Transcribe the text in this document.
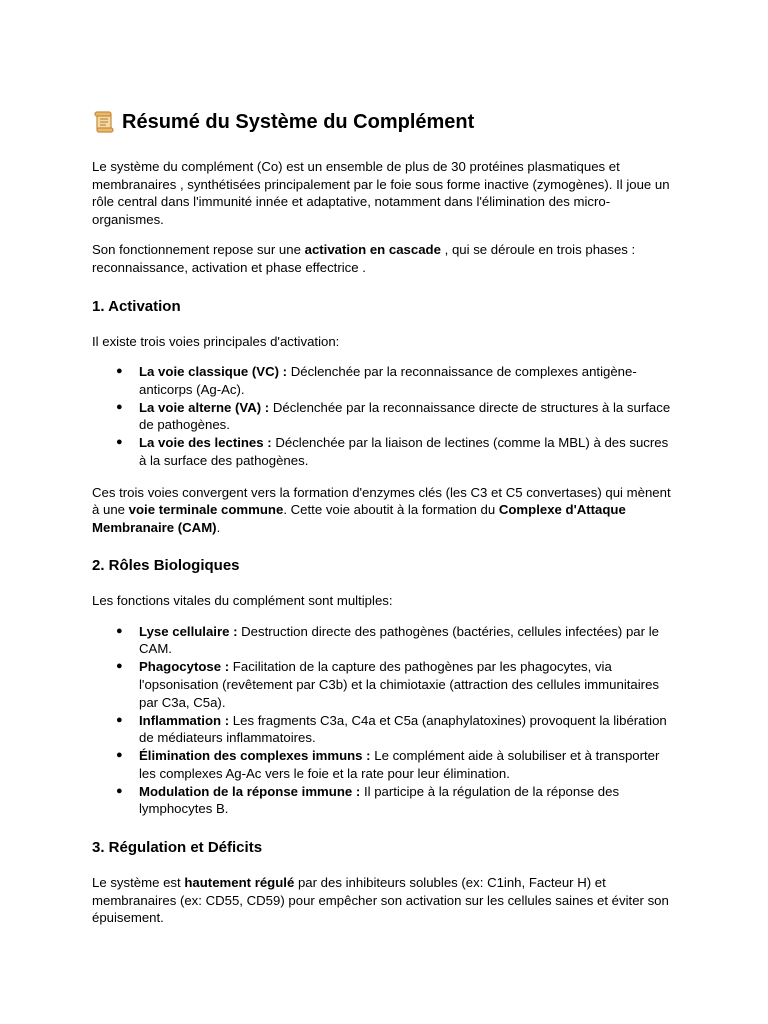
Résumé du Système du Complément

Le système du complément (Co) est un ensemble de plus de 30 protéines plasmatiques et membranaires , synthétisées principalement par le foie sous forme inactive (zymogènes). Il joue un rôle central dans l'immunité innée et adaptative, notamment dans l'élimination des micro-organismes.

Son fonctionnement repose sur une activation en cascade , qui se déroule en trois phases : reconnaissance, activation et phase effectrice .

1. Activation

Il existe trois voies principales d'activation:

● La voie classique (VC) : Déclenchée par la reconnaissance de complexes antigène-anticorps (Ag-Ac).
● La voie alterne (VA) : Déclenchée par la reconnaissance directe de structures à la surface de pathogènes.
● La voie des lectines : Déclenchée par la liaison de lectines (comme la MBL) à des sucres à la surface des pathogènes.

Ces trois voies convergent vers la formation d'enzymes clés (les C3 et C5 convertases) qui mènent à une voie terminale commune. Cette voie aboutit à la formation du Complexe d'Attaque Membranaire (CAM).

2. Rôles Biologiques

Les fonctions vitales du complément sont multiples:

● Lyse cellulaire : Destruction directe des pathogènes (bactéries, cellules infectées) par le CAM.
● Phagocytose : Facilitation de la capture des pathogènes par les phagocytes, via l'opsonisation (revêtement par C3b) et la chimiotaxie (attraction des cellules immunitaires par C3a, C5a).
● Inflammation : Les fragments C3a, C4a et C5a (anaphylatoxines) provoquent la libération de médiateurs inflammatoires.
● Élimination des complexes immuns : Le complément aide à solubiliser et à transporter les complexes Ag-Ac vers le foie et la rate pour leur élimination.
● Modulation de la réponse immune : Il participe à la régulation de la réponse des lymphocytes B.
3. Régulation et Déficits

Le système est hautement régulé par des inhibiteurs solubles (ex: C1inh, Facteur H) et membranaires (ex: CD55, CD59) pour empêcher son activation sur les cellules saines et éviter son épuisement.
